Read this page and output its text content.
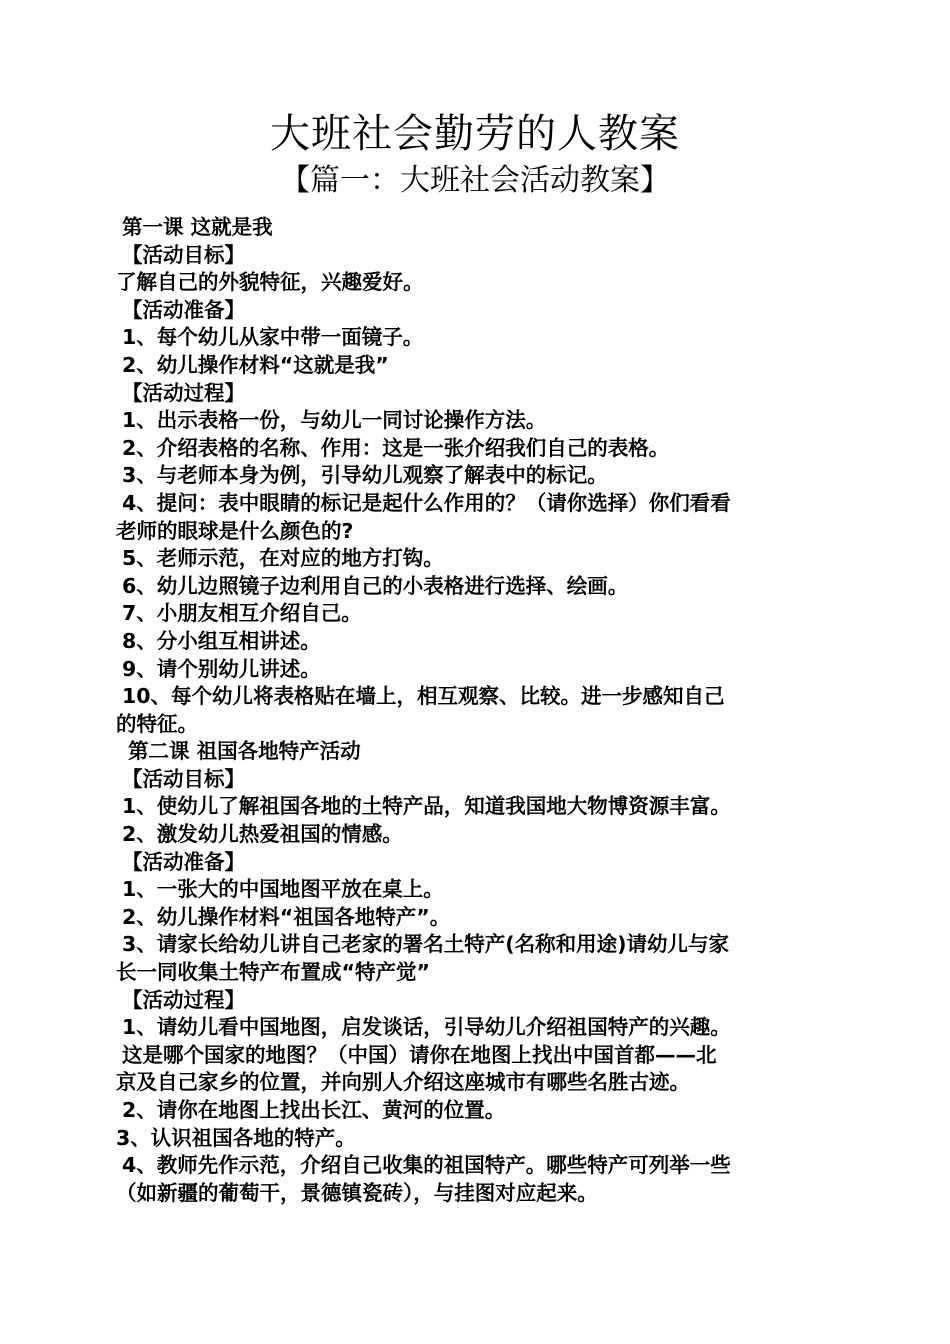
大班社会勤劳的人教案
【篇一：大班社会活动教案】
第一课 这就是我
【活动目标】
了解自己的外貌特征，兴趣爱好。
【活动准备】
1、每个幼儿从家中带一面镜子。
2、幼儿操作材料“这就是我”
【活动过程】
1、出示表格一份，与幼儿一同讨论操作方法。
2、介绍表格的名称、作用：这是一张介绍我们自己的表格。
3、与老师本身为例，引导幼儿观察了解表中的标记。
4、提问：表中眼睛的标记是起什么作用的？（请你选择）你们看看
老师的眼球是什么颜色的?
5、老师示范，在对应的地方打钩。
6、幼儿边照镜子边利用自己的小表格进行选择、绘画。
7、小朋友相互介绍自己。
8、分小组互相讲述。
9、请个别幼儿讲述。
10、每个幼儿将表格贴在墙上，相互观察、比较。进一步感知自己
的特征。
第二课 祖国各地特产活动
【活动目标】
1、使幼儿了解祖国各地的土特产品，知道我国地大物博资源丰富。
2、激发幼儿热爱祖国的情感。
【活动准备】
1、一张大的中国地图平放在桌上。
2、幼儿操作材料“祖国各地特产”。
3、请家长给幼儿讲自己老家的署名土特产(名称和用途)请幼儿与家
长一同收集土特产布置成“特产觉”
【活动过程】
1、请幼儿看中国地图，启发谈话，引导幼儿介绍祖国特产的兴趣。
这是哪个国家的地图？（中国）请你在地图上找出中国首都——北
京及自己家乡的位置，并向别人介绍这座城市有哪些名胜古迹。
2、请你在地图上找出长江、黄河的位置。
3、认识祖国各地的特产。
4、教师先作示范，介绍自己收集的祖国特产。哪些特产可列举一些
（如新疆的葡萄干，景德镇瓷砖），与挂图对应起来。
